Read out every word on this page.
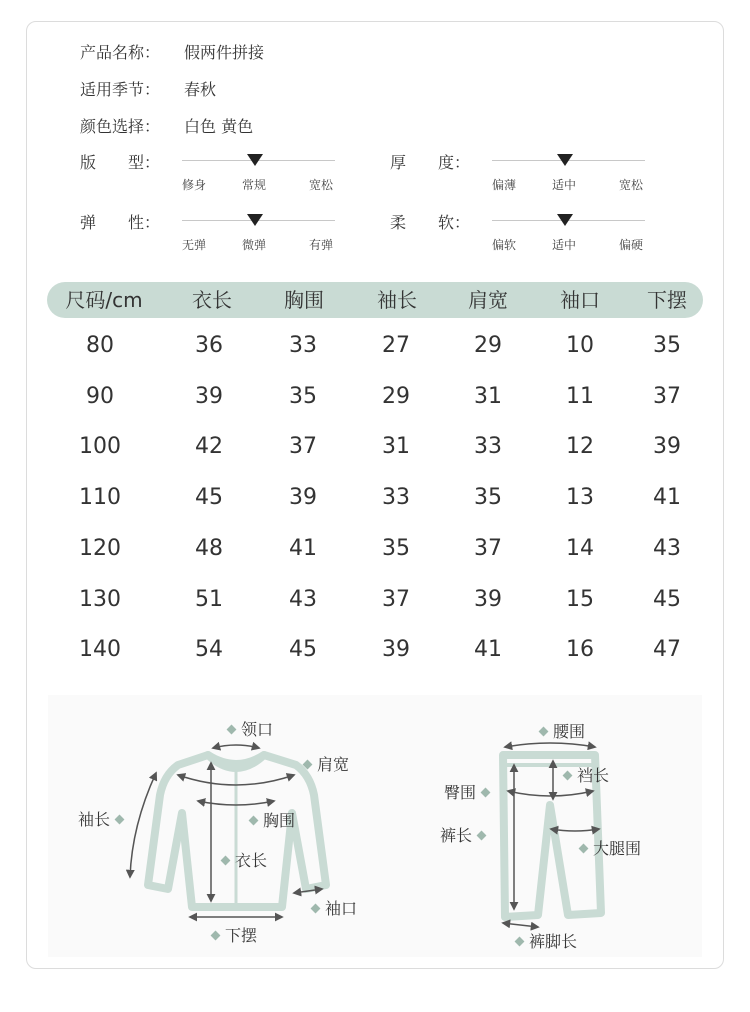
产品名称： 假两件拼接
适用季节： 春秋
颜色选择： 白色 黄色
版　　型：
修身	常规	宽松
厚　　度：
偏薄	适中	宽松
弹　　性：
无弹	微弹	有弹
柔　　软：
偏软	适中	偏硬
尺码/cm 衣长	胸围	袖长	肩宽	袖口 下摆
80	36	33	27	29	10	35
90	39	35	29	31	11	37
100	42	37	31	33	12	39
110	45	39	33	35	13	41
120	48	41	35	37	14	43
130	51	43	37	39	15	45
140	54	45	39	41	16	47
领口
肩宽
袖长	胸围
衣长
袖口
下摆
腰围
裆长
臀围
裤长
大腿围
裤脚长
